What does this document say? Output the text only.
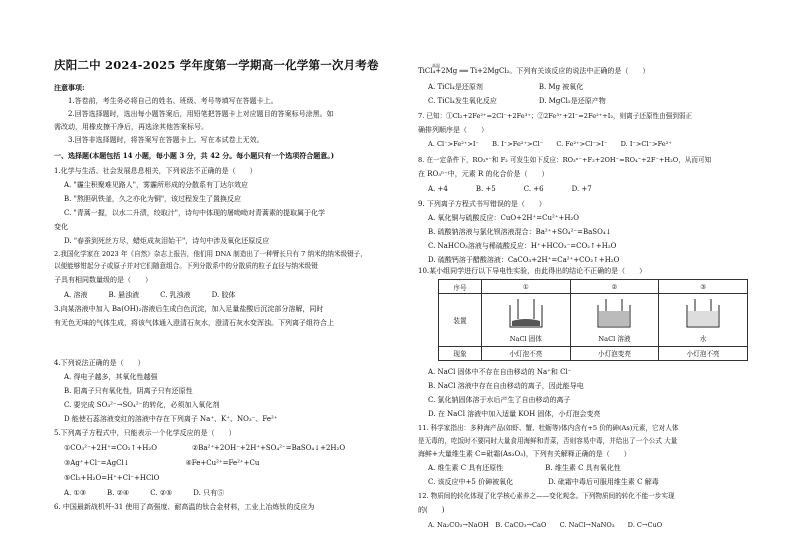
庆阳二中 2024-2025 学年度第一学期高一化学第一次月考卷
注意事项:
1.答卷前，考生务必将自己的姓名、班级、考号等填写在答题卡上。
2.回答选择题时，选出每小题答案后，用铅笔把答题卡上对应题目的答案标号涂黑。如
需改动，用橡皮擦干净后，再选涂其他答案标号。
3.回答非选择题时，将答案写在答题卡上。写在本试卷上无效。
一、选择题(本题包括 14 小题，每小题 3 分，共 42 分。每小题只有一个选项符合题意。)
1.化学与生活、社会发展息息相关，下列说法不正确的是（　　）
A. "霾尘积聚难见路人"，雾霾所形成的分散系有丁达尔效应
B. "熬胆矾铁釜，久之亦化为铜"，该过程发生了置换反应
C. "青蒿一握，以水二升渍，绞取汁"，诗句中体现的屠呦呦对青蒿素的提取属于化学
变化
D. "春蚕到死丝方尽，蜡炬成灰泪始干"，诗句中涉及氧化还原反应
2.我国化学家在 2023 年《自然》杂志上报告，他们用 DNA 制造出了一种臂长只有 7 纳米的纳米级镊子，
以便能够钳起分子或原子并对它们随意组合。下列分散系中的分散质的粒子直径与纳米级镊
子具有相同数量级的是（　　）
A. 溶液　　　B. 悬浊液　　　C. 乳浊液　　　D. 胶体
3.向某溶液中加入 Ba(OH)₂溶液后生成白色沉淀，加入足量盐酸后沉淀部分溶解，同时
有无色无味的气体生成，将该气体通入澄清石灰水，澄清石灰水变浑浊。下列离子组符合上
4.下列说法正确的是（　　）
A. 得电子越多，其氧化性越强
B. 阳离子只有氧化性，阴离子只有还原性
C. 要完成 SO₃²⁻→SO₄²⁻的转化，必须加入氧化剂
D 能使石蕊溶液变红的溶液中存在下列离子 Na⁺、K⁺、NO₃⁻、Fe²⁺
5.下列离子方程式中，只能表示一个化学反应的是（　　）
①CO₃²⁻+2H⁺=CO₂↑+H₂O　　　　　②Ba²⁺+2OH⁻+2H⁺+SO₄²⁻=BaSO₄↓+2H₂O
③Ag⁺+Cl⁻=AgCl↓　　　　　　　　④Fe+Cu²⁺=Fe²⁺+Cu
⑤Cl₂+H₂O=H⁺+Cl⁻+HClO
A. ①③　　　B. ②④　　　C. ②⑤　　　D. 只有⑤
6. 中国最新战机歼-31 使用了高强度、耐高温的钛合金材料，工业上冶炼钛的反应为
高温
TiCl₄+2Mg ══ Ti+2MgCl₂。下列有关该反应的说法中正确的是（　　）
A. TiCl₄是还原剂　　　　　　　　B. Mg 被氧化
C. TiCl₄发生氧化反应　　　　　　D. MgCl₂是还原产物
7. 已知：①Cl₂+2Fe²⁺=2Cl⁻+2Fe³⁺；②2Fe³⁺+2I⁻=2Fe²⁺+I₂，则离子还原性由强到弱正
确排列顺序是（　　）
A. Cl⁻>Fe²⁺>I⁻　　B. I⁻>Fe²⁺>Cl⁻　　C. Fe²⁺>Cl⁻>I⁻　　D. I⁻>Cl⁻>Fe²⁺
8. 在一定条件下，RO₃ⁿ⁻和 F₂ 可发生如下反应：RO₃ⁿ⁻+F₂+2OH⁻=RO₄⁻+2F⁻+H₂O，从而可知
在 RO₃ⁿ⁻中，元素 R 的化合价是（　　）
A. +4　　　　B. +5　　　　C. +6　　　　D. +7
9. 下列离子方程式书写错误的是（　　）
A. 氧化铜与硫酸反应：CuO+2H⁺=Cu²⁺+H₂O
B. 硫酸钠溶液与氯化钡溶液混合：Ba²⁺+SO₄²⁻=BaSO₄↓
C. NaHCO₃溶液与稀硫酸反应：H⁺+HCO₃⁻=CO₂↑+H₂O
D. 硫酸钙溶于醋酸溶液：CaCO₃+2H⁺=Ca²⁺+CO₂↑+H₂O
10.某小组同学进行以下导电性实验，由此得出的结论不正确的是（　　）
序号	①	②	③
装置	NaCl 固体	NaCl 溶液	水

现象	小灯泡不亮	小灯泡变亮	小灯泡不亮
A. NaCl 固体中不存在自由移动的 Na⁺和 Cl⁻
B. NaCl 溶液中存在自由移动的离子，因此能导电
C. 氯化钠固体溶于水后产生了自由移动的离子
D. 在 NaCl 溶液中加入适量 KOH 固体，小灯泡会变亮
11. 科学家指出：多种海产品(如虾、蟹、牡蛎等)体内含有+5 价的砷(As)元素，它对人体
是无毒的，吃饭时不要同时大量食用海鲜和青菜，否则容易中毒，并给出了一个公式 大量
海鲜+大量维生素 C=砒霜(As₂O₃)，下列有关解释正确的是（　　）
A. 维生素 C 具有还原性　　　　　　B. 维生素 C 具有氧化性
C. 该反应中+5 价砷被氧化　　　　　D. 砒霜中毒后可服用维生素 C 解毒
12. 物质间的转化体现了化学核心素养之——变化观念。下列物质间的转化不能一步实现
的(　　)
A. Na₂CO₃→NaOH　B. CaCO₃→CaO　　C. NaCl→NaNO₃　　D. C→CuO
